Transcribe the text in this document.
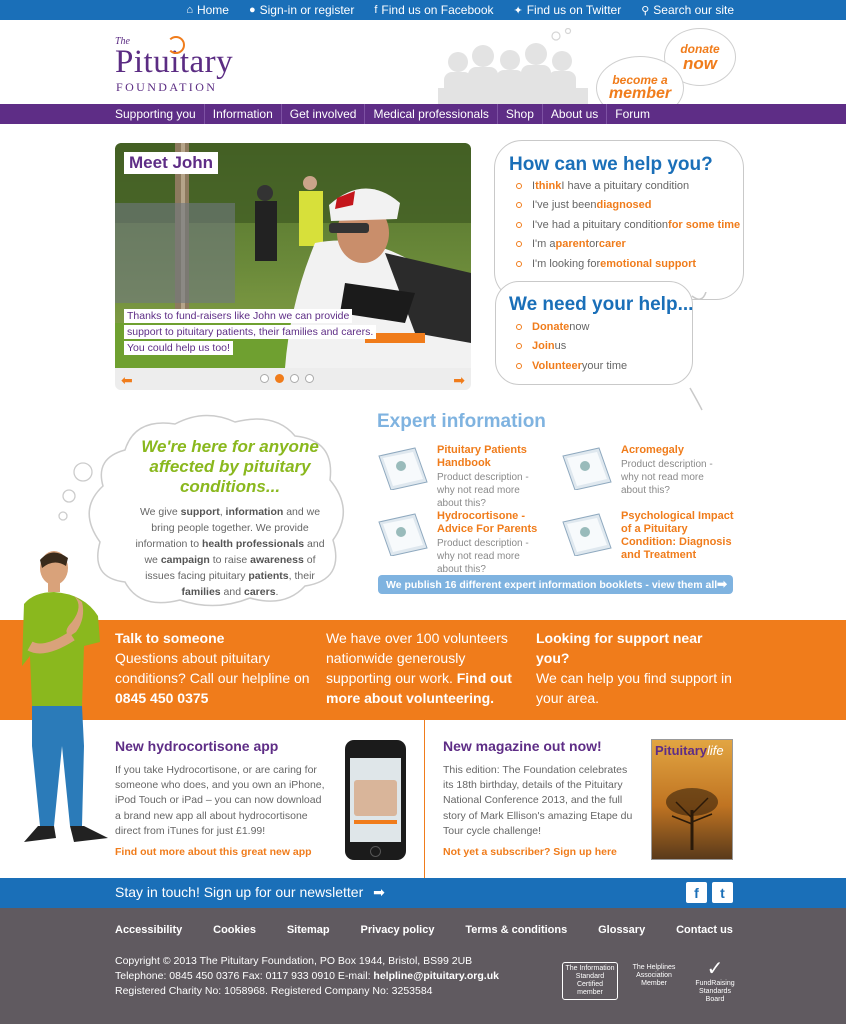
⌂ Home ● Sign-in or register f Find us on Facebook ✦ Find us on Twitter ⚲ Search our site
The
Pituitary
FOUNDATION
donate
now
become a
member
Supporting you	Information	Get involved	Medical professionals	Shop	About us	Forum
Meet John
Thanks to fund-raisers like John we can provide support to pituitary patients, their families and carers. You could help us too!
⬅	➡
How can we help you?
I think I have a pituitary condition
I've just been diagnosed
I've had a pituitary condition for some time
I'm a parent or carer
I'm looking for emotional support
We need your help...
Donate now
Join us
Volunteer your time
Expert information
Pituitary Patients Handbook
Product description - why not read more about this?
Acromegaly
Product description - why not read more about this?
Hydrocortisone - Advice For Parents
Product description - why not read more about this?
Psychological Impact of a Pituitary Condition: Diagnosis and Treatment
We publish 16 different expert information booklets - view them all ➡
We're here for anyone affected by pituitary conditions...
We give support, information and we bring people together. We provide information to health professionals and we campaign to raise awareness of issues facing pituitary patients, their families and carers.
Talk to someone
Questions about pituitary conditions? Call our helpline on 0845 450 0375
We have over 100 volunteers nationwide generously supporting our work. Find out more about volunteering.
Looking for support near you?
We can help you find support in your area.
New hydrocortisone app
If you take Hydrocortisone, or are caring for someone who does, and you own an iPhone, iPod Touch or iPad – you can now download a brand new app all about hydrocortisone direct from iTunes for just £1.99!
Find out more about this great new app
New magazine out now!
This edition: The Foundation celebrates its 18th birthday, details of the Pituitary National Conference 2013, and the full story of Mark Ellison's amazing Etape du Tour cycle challenge!
Not yet a subscriber? Sign up here
Pituitarylife
Stay in touch! Sign up for our newsletter ➡	f	t
Accessibility	Cookies	Sitemap	Privacy policy	Terms & conditions	Glossary	Contact us
Copyright © 2013 The Pituitary Foundation, PO Box 1944, Bristol, BS99 2UB
Telephone: 0845 450 0376 Fax: 0117 933 0910 E-mail: helpline@pituitary.org.uk
Registered Charity No: 1058968. Registered Company No: 3253584
The Information Standard Certified member
The Helplines Association Member
✓
FundRaising Standards Board
